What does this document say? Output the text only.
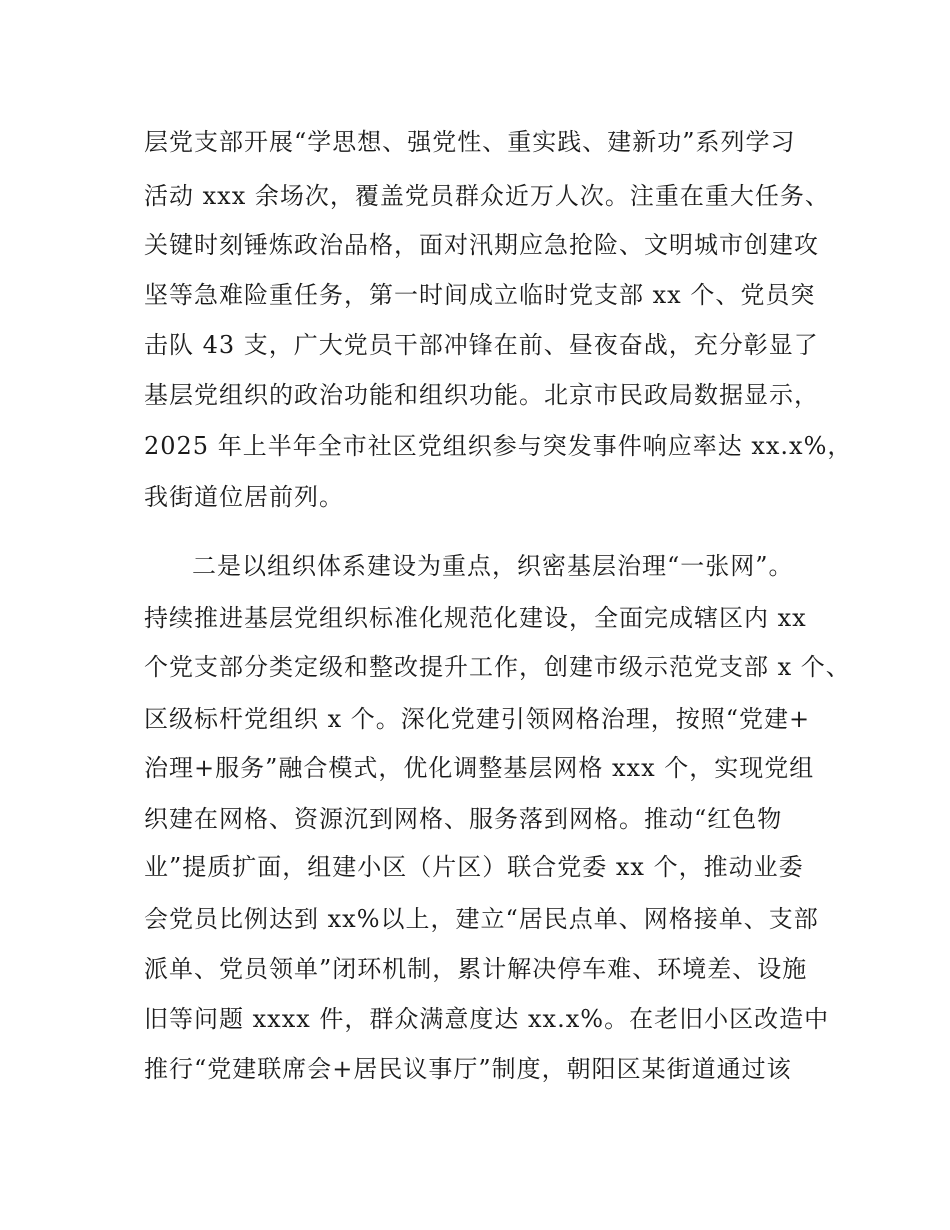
层党支部开展“学思想、强党性、重实践、建新功”系列学习
活动 xxx 余场次，覆盖党员群众近万人次。注重在重大任务、
关键时刻锤炼政治品格，面对汛期应急抢险、文明城市创建攻
坚等急难险重任务，第一时间成立临时党支部 xx 个、党员突
击队 43 支，广大党员干部冲锋在前、昼夜奋战，充分彰显了
基层党组织的政治功能和组织功能。北京市民政局数据显示，
2025 年上半年全市社区党组织参与突发事件响应率达 xx.x%，
我街道位居前列。
二是以组织体系建设为重点，织密基层治理“一张网”。
持续推进基层党组织标准化规范化建设，全面完成辖区内 xx
个党支部分类定级和整改提升工作，创建市级示范党支部 x 个、
区级标杆党组织 x 个。深化党建引领网格治理，按照“党建+
治理+服务”融合模式，优化调整基层网格 xxx 个，实现党组
织建在网格、资源沉到网格、服务落到网格。推动“红色物
业”提质扩面，组建小区（片区）联合党委 xx 个，推动业委
会党员比例达到 xx%以上，建立“居民点单、网格接单、支部
派单、党员领单”闭环机制，累计解决停车难、环境差、设施
旧等问题 xxxx 件，群众满意度达 xx.x%。在老旧小区改造中
推行“党建联席会+居民议事厅”制度，朝阳区某街道通过该
